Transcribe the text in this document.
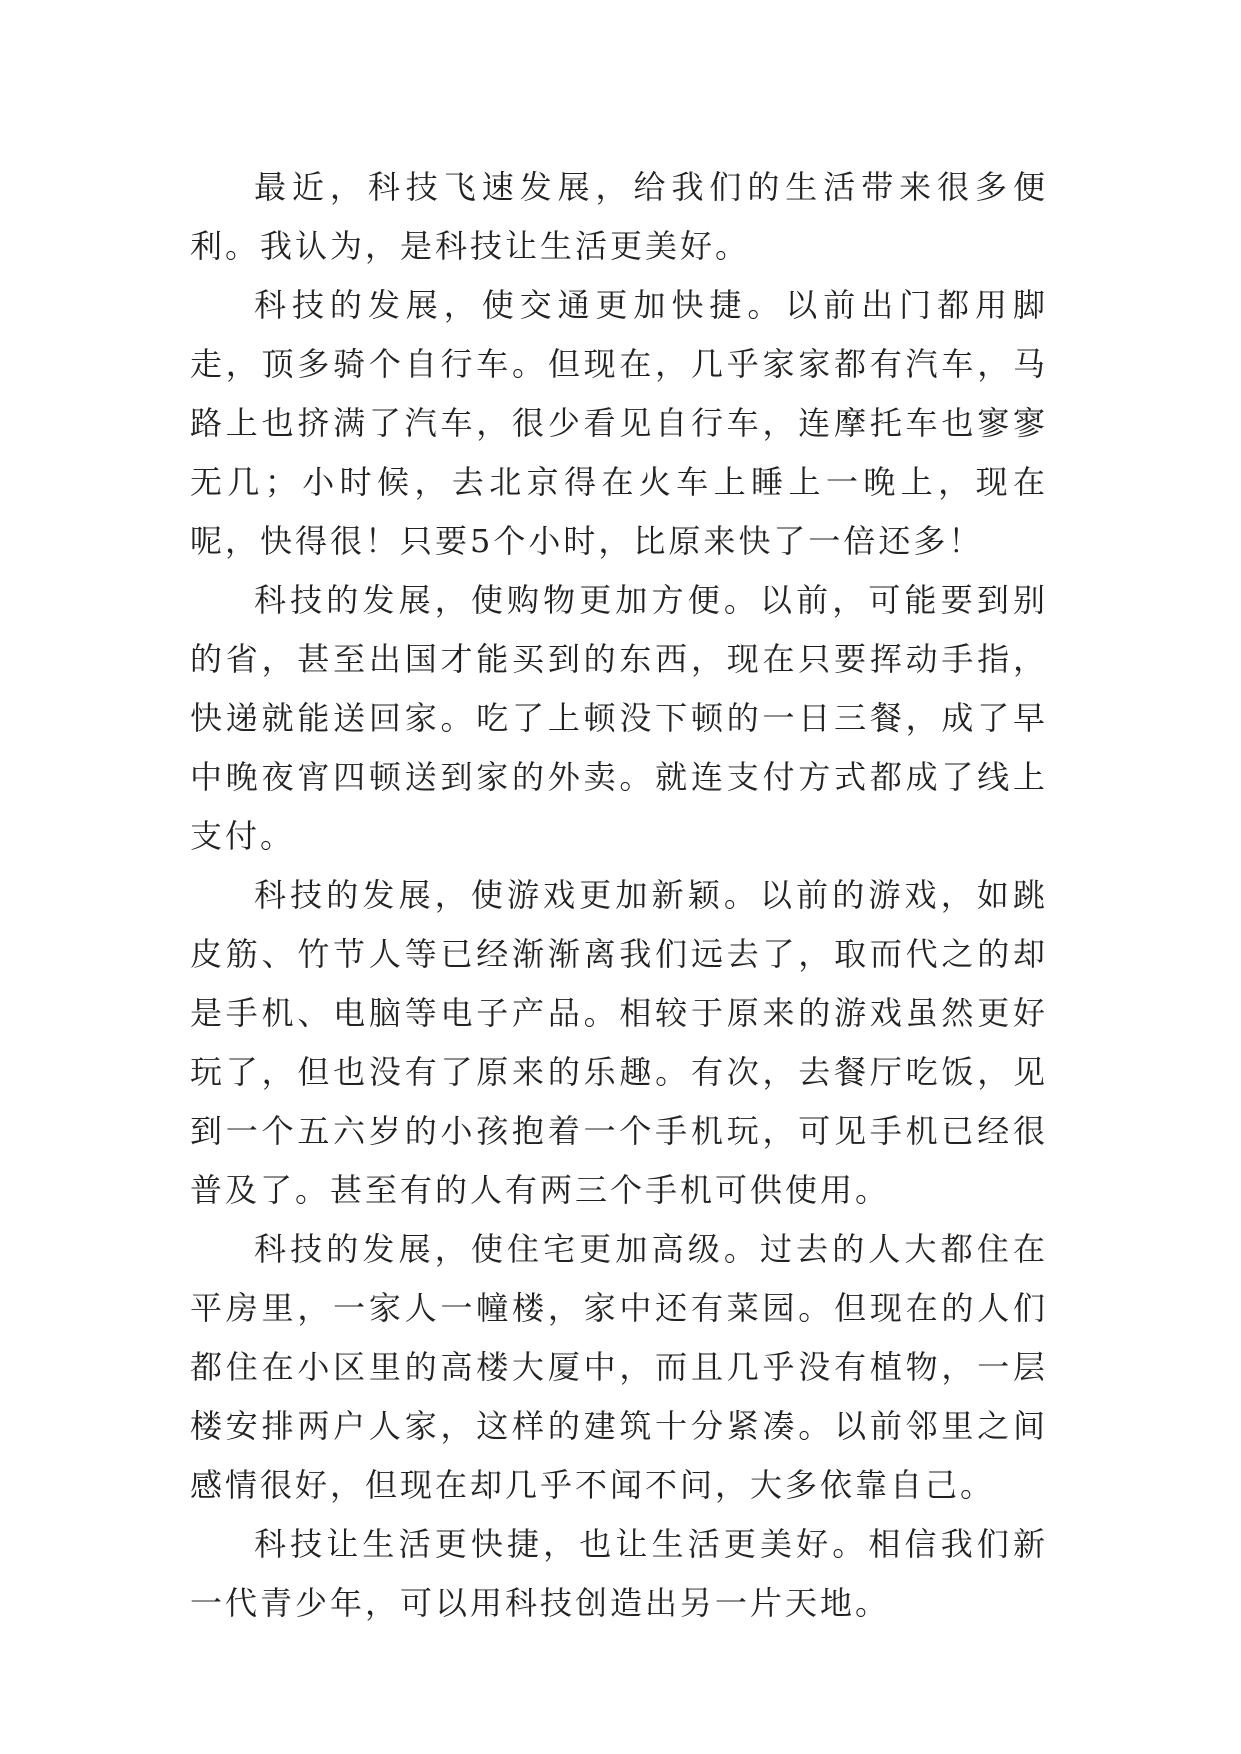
最近，科技飞速发展，给我们的生活带来很多便利。我认为，是科技让生活更美好。

科技的发展，使交通更加快捷。以前出门都用脚走，顶多骑个自行车。但现在，几乎家家都有汽车，马路上也挤满了汽车，很少看见自行车，连摩托车也寥寥无几；小时候，去北京得在火车上睡上一晚上，现在呢，快得很！只要5个小时，比原来快了一倍还多！

科技的发展，使购物更加方便。以前，可能要到别的省，甚至出国才能买到的东西，现在只要挥动手指，快递就能送回家。吃了上顿没下顿的一日三餐，成了早中晚夜宵四顿送到家的外卖。就连支付方式都成了线上支付。

科技的发展，使游戏更加新颖。以前的游戏，如跳皮筋、竹节人等已经渐渐离我们远去了，取而代之的却是手机、电脑等电子产品。相较于原来的游戏虽然更好玩了，但也没有了原来的乐趣。有次，去餐厅吃饭，见到一个五六岁的小孩抱着一个手机玩，可见手机已经很普及了。甚至有的人有两三个手机可供使用。

科技的发展，使住宅更加高级。过去的人大都住在平房里，一家人一幢楼，家中还有菜园。但现在的人们都住在小区里的高楼大厦中，而且几乎没有植物，一层楼安排两户人家，这样的建筑十分紧凑。以前邻里之间感情很好，但现在却几乎不闻不问，大多依靠自己。

科技让生活更快捷，也让生活更美好。相信我们新一代青少年，可以用科技创造出另一片天地。
